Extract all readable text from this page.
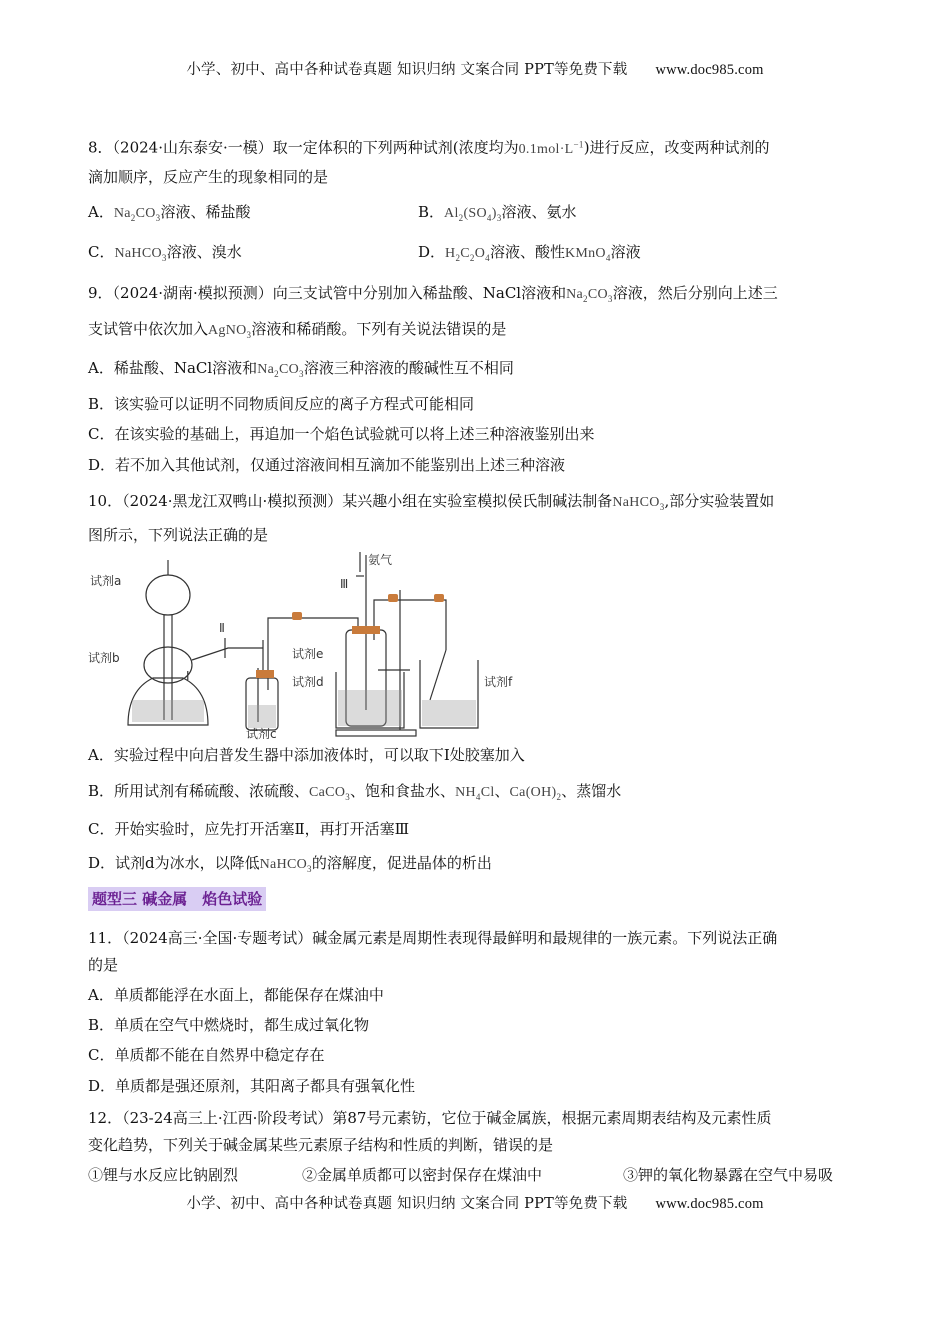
小学、初中、高中各种试卷真题 知识归纳 文案合同 PPT等免费下载 www.doc985.com
8．（2024·山东泰安·一模）取一定体积的下列两种试剂(浓度均为$0.1mol\cdot L^{-1}$)进行反应，改变两种试剂的
滴加顺序，反应产生的现象相同的是
A．$Na_2CO_3$溶液、稀盐酸	B．$Al_2(SO_4)_3$溶液、氨水
C．NaHCO$_3$溶液、溴水	D．$H_2C_2O_4$溶液、酸性KMnO$_4$溶液
9．（2024·湖南·模拟预测）向三支试管中分别加入稀盐酸、NaCl溶液和$Na_2CO_3$溶液，然后分别向上述三
支试管中依次加入AgNO$_3$溶液和稀硝酸。下列有关说法错误的是
A．稀盐酸、NaCl溶液和$Na_2CO_3$溶液三种溶液的酸碱性互不相同
B．该实验可以证明不同物质间反应的离子方程式可能相同
C．在该实验的基础上，再追加一个焰色试验就可以将上述三种溶液鉴别出来
D．若不加入其他试剂，仅通过溶液间相互滴加不能鉴别出上述三种溶液
10．（2024·黑龙江双鸭山·模拟预测）某兴趣小组在实验室模拟侯氏制碱法制备NaHCO$_3$,部分实验装置如
图所示，下列说法正确的是
试剂a
试剂b
试剂c
试剂d
试剂e
试剂f
氨气
Ⅲ
Ⅱ
Ⅰ
A．实验过程中向启普发生器中添加液体时，可以取下Ⅰ处胶塞加入
B．所用试剂有稀硫酸、浓硫酸、CaCO$_3$、饱和食盐水、$NH_4Cl$、$Ca(OH)_2$、蒸馏水
C．开始实验时，应先打开活塞Ⅱ，再打开活塞Ⅲ
D．试剂d为冰水，以降低NaHCO$_3$的溶解度，促进晶体的析出
题型三 碱金属　焰色试验
11．（2024高三·全国·专题考试）碱金属元素是周期性表现得最鲜明和最规律的一族元素。下列说法正确
的是
A．单质都能浮在水面上，都能保存在煤油中
B．单质在空气中燃烧时，都生成过氧化物
C．单质都不能在自然界中稳定存在
D．单质都是强还原剂，其阳离子都具有强氧化性
12．（23-24高三上·江西·阶段考试）第87号元素钫，它位于碱金属族，根据元素周期表结构及元素性质
变化趋势，下列关于碱金属某些元素原子结构和性质的判断，错误的是
①锂与水反应比钠剧烈	②金属单质都可以密封保存在煤油中	③钾的氧化物暴露在空气中易吸
小学、初中、高中各种试卷真题 知识归纳 文案合同 PPT等免费下载 www.doc985.com
